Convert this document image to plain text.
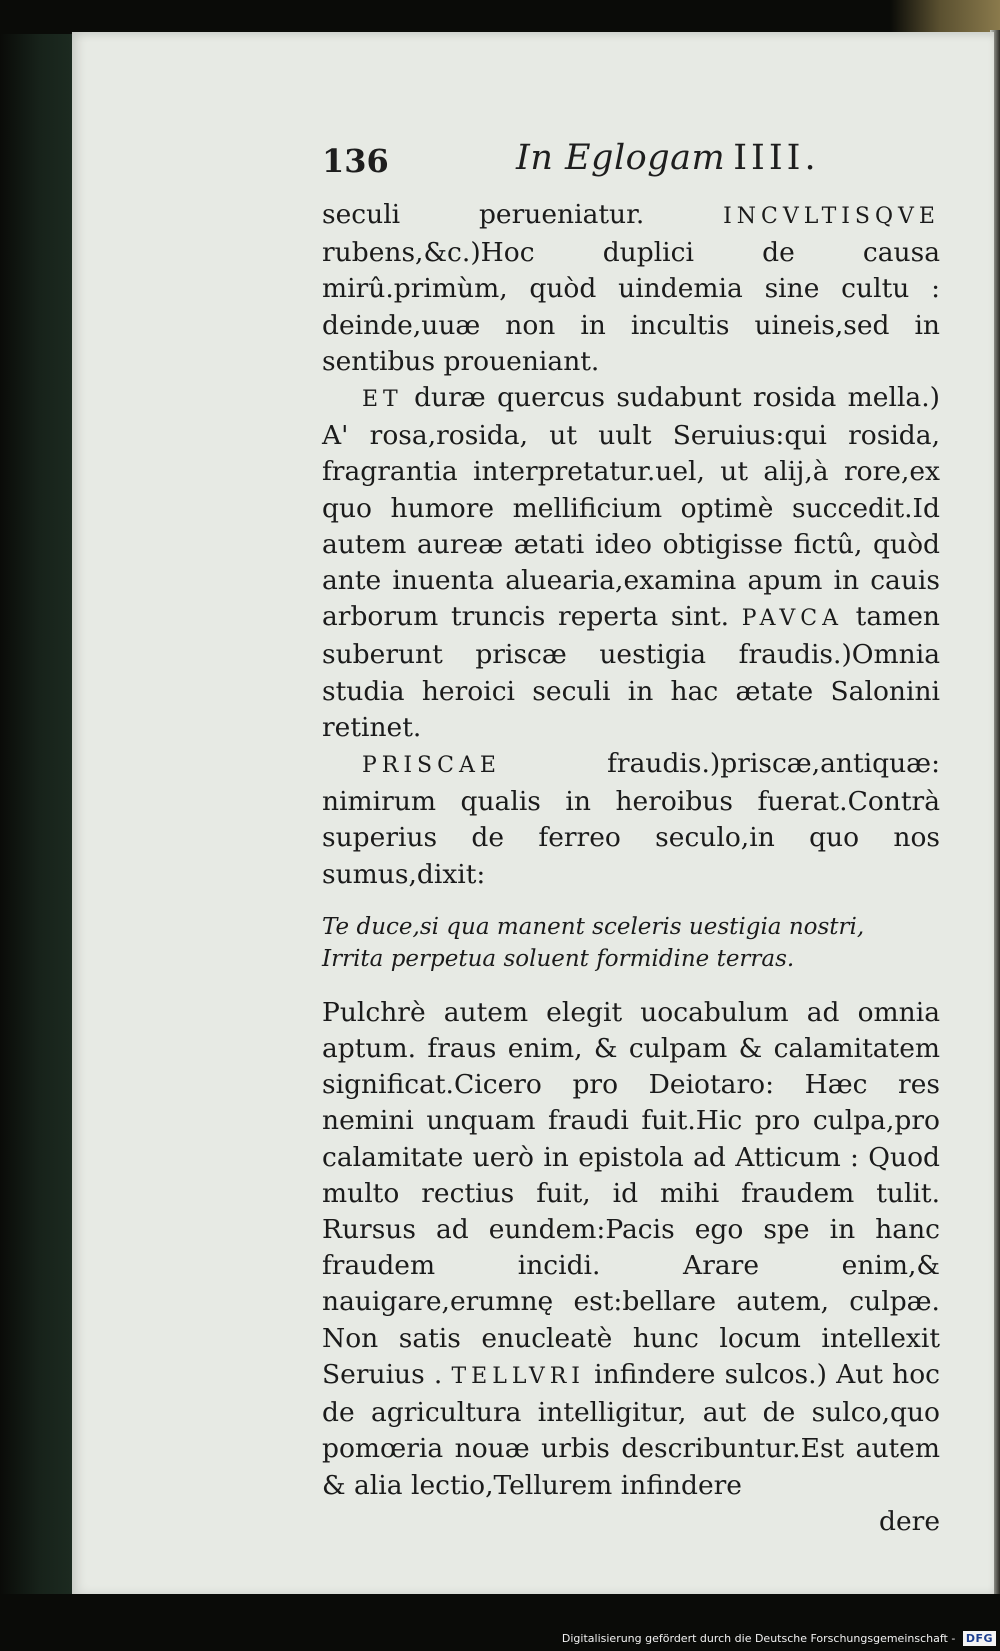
136	In Eglogam IIII.

seculi perueniatur. INCVLTISQVE rubens,&c.)Hoc duplici de causa mirû.primùm, quòd uindemia sine cultu : deinde,uuæ non in incultis uineis,sed in sentibus proueniant.

ET duræ quercus sudabunt rosida mella.) A' rosa,rosida, ut uult Seruius:qui rosida, fragrantia interpretatur.uel, ut alij,à rore,ex quo humore mellificium optimè succedit.Id autem aureæ ætati ideo obtigisse fictû, quòd ante inuenta aluearia,examina apum in cauis arborum truncis reperta sint. PAVCA tamen suberunt priscæ uestigia fraudis.)Omnia studia heroici seculi in hac ætate Salonini retinet.

PRISCAE fraudis.)priscæ,antiquæ: nimirum qualis in heroibus fuerat.Contrà superius de ferreo seculo,in quo nos sumus,dixit:

Te duce,si qua manent sceleris uestigia nostri,
Irrita perpetua soluent formidine terras.

Pulchrè autem elegit uocabulum ad omnia aptum. fraus enim, & culpam & calamitatem significat.Cicero pro Deiotaro: Hæc res nemini unquam fraudi fuit.Hic pro culpa,pro calamitate uerò in epistola ad Atticum : Quod multo rectius fuit, id mihi fraudem tulit. Rursus ad eundem:Pacis ego spe in hanc fraudem incidi. Arare enim,& nauigare,erumnę est:bellare autem, culpæ. Non satis enucleatè hunc locum intellexit Seruius . TELLVRI infindere sulcos.) Aut hoc de agricultura intelligitur, aut de sulco,quo pomœria nouæ urbis describuntur.Est autem & alia lectio,Tellurem infindere

dere

Digitalisierung gefördert durch die Deutsche Forschungsgemeinschaft - DFG
